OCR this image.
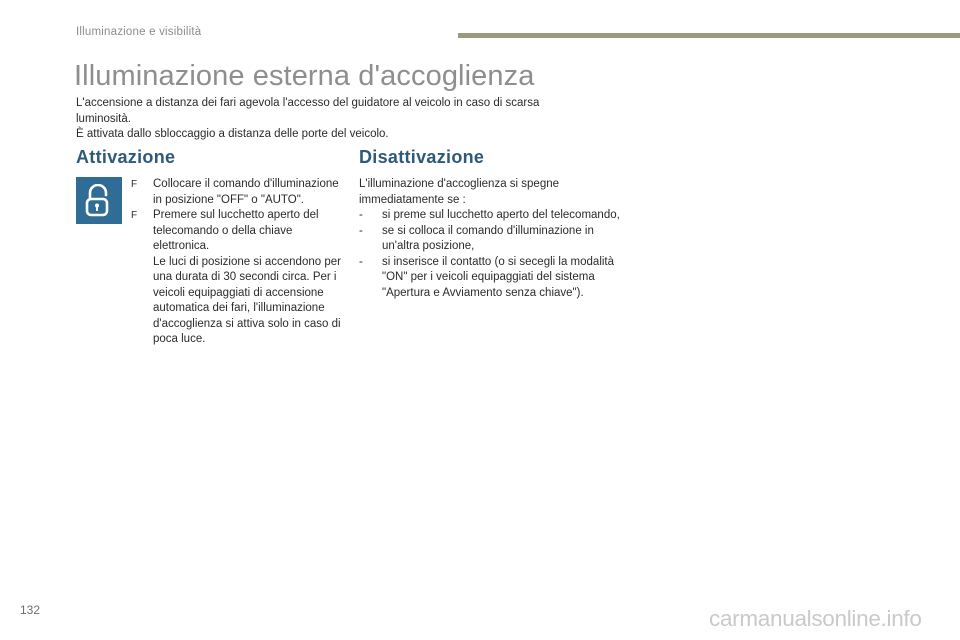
Illuminazione e visibilità
Illuminazione esterna d'accoglienza

L'accensione a distanza dei fari agevola l'accesso del guidatore al veicolo in caso di scarsa luminosità.

È attivata dallo sbloccaggio a distanza delle porte del veicolo.

Attivazione	Disattivazione
F Collocare il comando d'illuminazione in posizione "OFF" o "AUTO".

F Premere sul lucchetto aperto del telecomando o della chiave elettronica.

Le luci di posizione si accendono per una durata di 30 secondi circa. Per i veicoli equipaggiati di accensione automatica dei fari, l'illuminazione d'accoglienza si attiva solo in caso di poca luce.

L'illuminazione d'accoglienza si spegne immediatamente se :

- si preme sul lucchetto aperto del telecomando,

- se si colloca il comando d'illuminazione in un'altra posizione,

- si inserisce il contatto (o si secegli la modalità "ON" per i veicoli equipaggiati del sistema "Apertura e Avviamento senza chiave").

132	carmanualsonline.info
